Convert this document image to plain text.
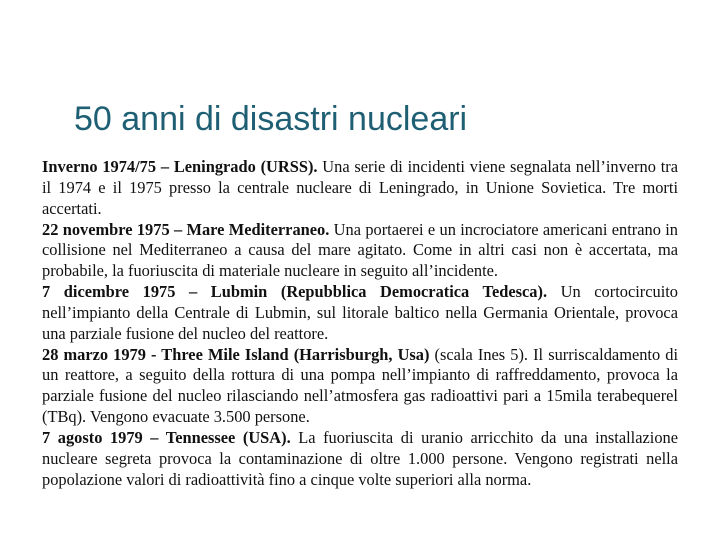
50 anni di disastri nucleari

Inverno 1974/75 – Leningrado (URSS). Una serie di incidenti viene segnalata nell’inverno tra il 1974 e il 1975 presso la centrale nucleare di Leningrado, in Unione Sovietica. Tre morti accertati.

22 novembre 1975 – Mare Mediterraneo. Una portaerei e un incrociatore americani entrano in collisione nel Mediterraneo a causa del mare agitato. Come in altri casi non è accertata, ma probabile, la fuoriuscita di materiale nucleare in seguito all’incidente.

7 dicembre 1975 – Lubmin (Repubblica Democratica Tedesca). Un cortocircuito nell’impianto della Centrale di Lubmin, sul litorale baltico nella Germania Orientale, provoca una parziale fusione del nucleo del reattore.

28 marzo 1979 - Three Mile Island (Harrisburgh, Usa) (scala Ines 5). Il surriscaldamento di un reattore, a seguito della rottura di una pompa nell’impianto di raffreddamento, provoca la parziale fusione del nucleo rilasciando nell’atmosfera gas radioattivi pari a 15mila terabequerel (TBq). Vengono evacuate 3.500 persone.

7 agosto 1979 – Tennessee (USA). La fuoriuscita di uranio arricchito da una installazione nucleare segreta provoca la contaminazione di oltre 1.000 persone. Vengono registrati nella popolazione valori di radioattività fino a cinque volte superiori alla norma.
